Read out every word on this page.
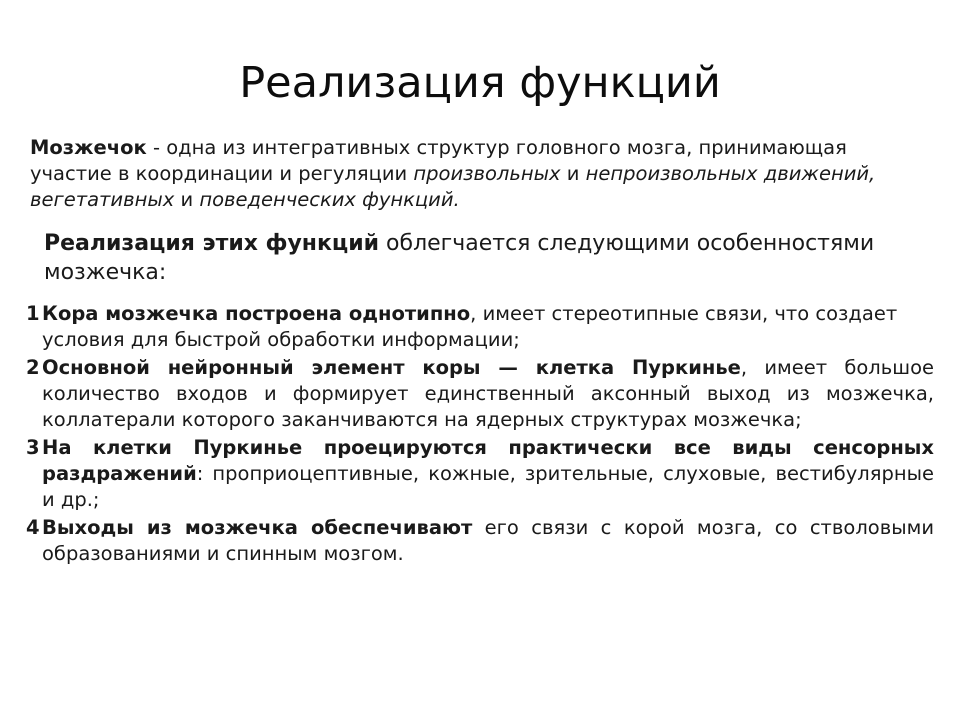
Реализация функций

Мозжечок - одна из интегративных структур головного мозга, принимающая участие в координации и регуляции произвольных и непроизвольных движений, вегетативных и поведенческих функций.

Реализация этих функций облегчается следующими особенностями мозжечка:

1 Кора мозжечка построена однотипно, имеет стереотипные связи, что создает условия для быстрой обработки информации;
2 Основной нейронный элемент коры — клетка Пуркинье, имеет большое количество входов и формирует единственный аксонный выход из мозжечка, коллатерали которого заканчиваются на ядерных структурах мозжечка;
3 На клетки Пуркинье проецируются практически все виды сенсорных раздражений: проприоцептивные, кожные, зрительные, слуховые, вестибулярные и др.;
4 Выходы из мозжечка обеспечивают его связи с корой мозга, со стволовыми образованиями и спинным мозгом.
